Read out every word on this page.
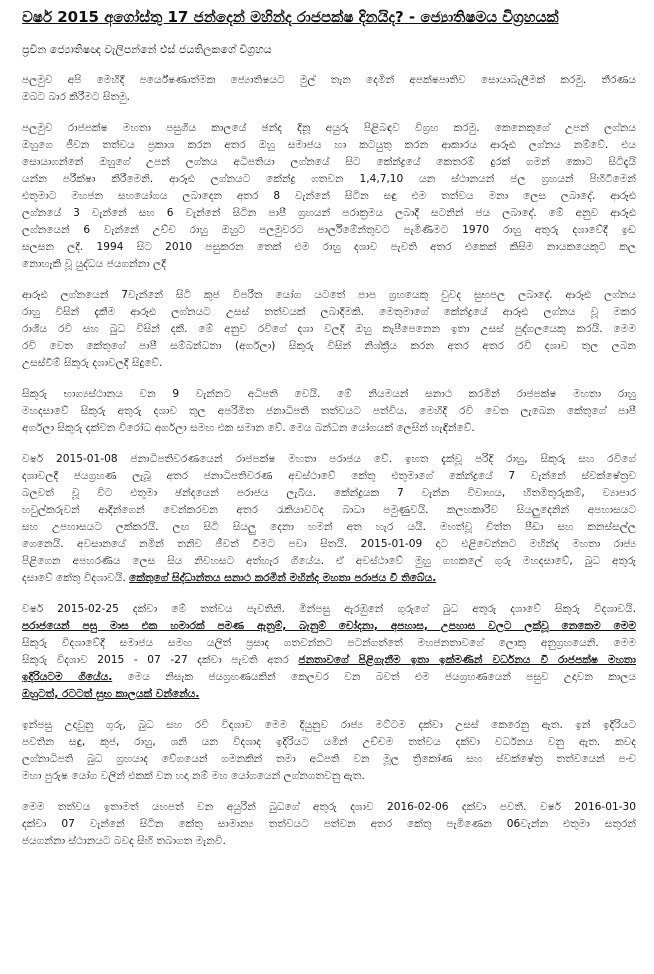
වර්ෂ 2015 අගෝස්තු 17 ජන්දෙන් මහින්ද රාජපක්ෂ දිනයිද? - ජ්‍යොතිෂමය විග්‍රහයක්
ප්‍රවීන ජ්‍යොතිෂඥ වැලිපන්නේ එස් ජයතිලකගේ විග්‍රහය
පලමුව අපි මෙහිදී පර්යේෂණාත්මක ජ්‍යොතිෂයට මුල් තැන දෙමින් අපක්ෂපාතිව සොයාබැලීමක් කරමු. තීරණය
ඔබට බාර කිරීමට සිතමු.
පලමුව රාජපක්ෂ මහතා පසුගිය කාලයේ ඡන්ද දිනූ අයුරු පිළිබඳව විග්‍රහ කරමු. කෙනෙකුගේ උපන් ලග්නය
ඔහුගෙ ජීවන තත්වය ප්‍රකාශ කරන අතර ඔහු සමාජය හා කටයුතු කරන ආකාරය ආරූඪ ලග්නය නම්වේ. එය
සොයාගන්නේ ඔහුගේ උපන් ලග්නය අධිපතියා ලග්නයේ සිට කේන්ද්‍රයේ කෙතරම් දුරක් ගමන් කොට සිටිදැයි
යන්න පරීක්ෂා කිරීමෙනි. ආරූඪ ලග්නයට කේන්ද්‍ර ගතවන 1,4,7,10 යන ස්ථානයන් ජල ග්‍රහයන් පිහිටීමෙන්
එතුමාට මහජන සහයෝගය ලබාදෙන අතර 8 වැන්නේ සිටින සඳු එම තත්වය මනා ලෙස ලබාදේ. ආරූඪ
ලග්නයේ 3 වැන්නේ සහ 6 වැන්නේ සිටින පාපී ග්‍රහයන් පරාක්‍රමය ලබාදී සටනින් ජය ලබාදේ. මේ අනුව ආරූඪ
ලග්නයෙන් 6 වැන්නේ උච්ච රාහු ඔහුට පලමුවරට පාර්ලිමේන්තුවට පැමිණීමට 1970 රාහු අතුරු දශාවේදී ඉඩ
සලසන ලදී. 1994 සිට 2010 පසුකරන තෙක් එම රාහු දශාව පැවති අතර එකෙක් කිසිම නායකයෙකුට කල
නොහැකි වූ යුද්ධය ජයගන්නා ලදී
ආරූඪ ලග්නයෙන් 7වැන්නේ සිටි කුජ විපරීත යෝග යටතේ පාප ග්‍රහයෙකු වුවද සුභපල ලබාදේ. ආරූඪ ලග්නය
රාහු විසින් දැකීම ආරූඪ ලග්නයට උසස් තත්වයක් ලබාදීමකි. මෙතුමාගේ කේන්ද්‍රයේ ආරූඪ ලග්නය වූ මකර
රාශිය රවි සහ බුධ විසින් දකී. මේ අනුව රවිගේ දශා වලදී ඔහු කැපීපෙනෙන ඉතා උසස් පුද්ගලයෙකු කරයි. මෙම
රවි වෙත කේතුගේ පාපී සම්බන්ධතා (අර්ගලා) සිකුරු විසින් නිශ්ක්‍රීය කරන අතර අතර රවි දශාව තුල ලබන
උසස්වීම් සිකුරු දශාවලදී සිදුවේ.
සිකුරු භාග්‍යස්ථානය වන 9 වැන්නට අධිපති වෙයි. මේ නියමයන් සනාථ කරමින් රාජපක්ෂ මහතා රාහු
මහදසාවේ සිකුරු අතුරු දශාව තුල අපරිමිත ජනාධිපති තත්වයට පත්විය. මෙහිදී රවි වෙත ලැබෙන කේතුගේ පාපී
අර්ගලා සිකුරු දක්වන විරෝධ අර්ගලා සමඟ එක සමාන වේ. මෙය බන්ධන යෝගයක් ලෙසින් හැඳින්වේ.
වර්ෂ 2015-01-08 ජනාධිපතිවරණයෙන් රාජපක්ෂ මහතා පරාජය වේ. ඉහත දැක්වූ පරිදි රාහු, සිකුරු සහ රවිගේ
දශාවලදී ජයග්‍රහණ ලැබූ අතර ජනාධිපතිවරණ අවස්ථාවේ කේතු එතුමාගේ කේන්ද්‍රයේ 7 වැන්නේ ස්වක්ෂේත්‍රව
බලවත් වූ විට එතුමා ඡන්දයෙන් පරාජය ලැබීය. කේන්ද්‍රයක 7 වැන්න විවාහය, හිතමිතුරුකම්, ව්‍යාපාර
හවුල්කරුවන් ආදීන්ගෙන් වෙන්කරවන අතර රැකියාවටද බාධා පමුණුවයි. කලහකාරීව සියලුදෙනින් අපහාසයට
සහ උපහාසයට ලක්කරයි. ලඟ සිටි සියලු දෙනා හමන් අත හැර යයි. මහත්වූ චිත්ත පීඩා සහ කනස්සල්ල
ගෙනෙයි. අවසානයේ නමින් තනිව ජීවත් වීමට පවා සිතයි. 2015-01-09 දාට එළිවෙන්නට මහින්ද මහතා රාජ්‍ය
පිළිගෙන අපහරණිය ලෙස සිය නිවහසට අත්හැර ගියේය. ඒ අවස්ථාවේ මුහු ගහකලේ ගුරු මහදසාවේ, බුධ අතුරු
දසාවේ කේතු විදශාවයි. කේතුගේ සිද්ධාන්තය සනාථ කරමින් මහින්ද මහතා පරාජය වී තිබේය.
වර්ෂ 2015-02-25 දක්වා මේ තත්වය පැවතිනි. මින්පසු ඇරඹුනේ ගුරුගේ බුධ අතුරු දශාවේ සිකුරු විදශාවයි.
පරාජයෙන් පසු මාස එක හමාරක් පමණ ඇනුම්, බැනුම් චෝදනා, අපහාස, උපහාස වලට ලක්වූ නෙකෙම මෙම
සිකුරු විදශාවේදී සමාජය සමඟ යලිත් ප්‍රසාද ගතවන්නට පටන්ගත්තේ මහජනතාවගේ ලොකු අනුග්‍රහයෙනි. මෙම
සිකුරු විදශාව 2015 - 07 -27 දක්වා පැවති අතර ජනතාවගේ පිළිගැනීම ඉතා ඉක්මණින් වර්ධනය වී රාජපක්ෂ මහතා
ඉදිරියටම ගියේය. මෙය නිසැක ජයග්‍රහණයකින් කෙලවර වන බවත් එම ජයග්‍රහණයෙන් පසුව උදාවන කාලය
ඔහුටත්, රටටත් සුභ කාලයක් වන්නේය.
ඉන්පසු උදාවුනු ගුරු, බුධ සහ රවි විදශාව මෙම දියුනුව රාජ්‍ය මට්ටම දක්වා උසස් කෙරෙනු ඇත. ඉන් ඉදිරියට
පවතින සඳු, කුජ, රාහු, ශනි යන විදශාද ඉදිරියට යමින් උච්චම තත්වය දක්වා වර්ධනය වනු ඇත. කවද
ලග්නාධිපති බුධ ග්‍රහයාද වේගයෙන් ගමනකින් තමා අධිපති වන මූල ත්‍රිකෝණ සහ ස්වක්ෂේත්‍ර තත්වයෙන් පංච
මහා පුරුෂ යෝග වලින් එකක් වන හදා නම් මහ යෝගයෙන් ලග්නගතවනු ඇත.
මෙම තත්වය ඉතාමත් යහපත් වන අයුරින් බුධගේ අතුරු දශාව 2016-02-06 දක්වා පවතී. වර්ෂ 2016-01-30
දක්වා 07 වැන්නේ සිටින කේතු සාමාන්‍ය තත්වයට පත්වන අතර කේතු පැමිණෙන 06වැන්න එතුමා සතුරන්
ජයගන්නා ස්ථානයට බවද සිහි තබාගත මැනවි.
